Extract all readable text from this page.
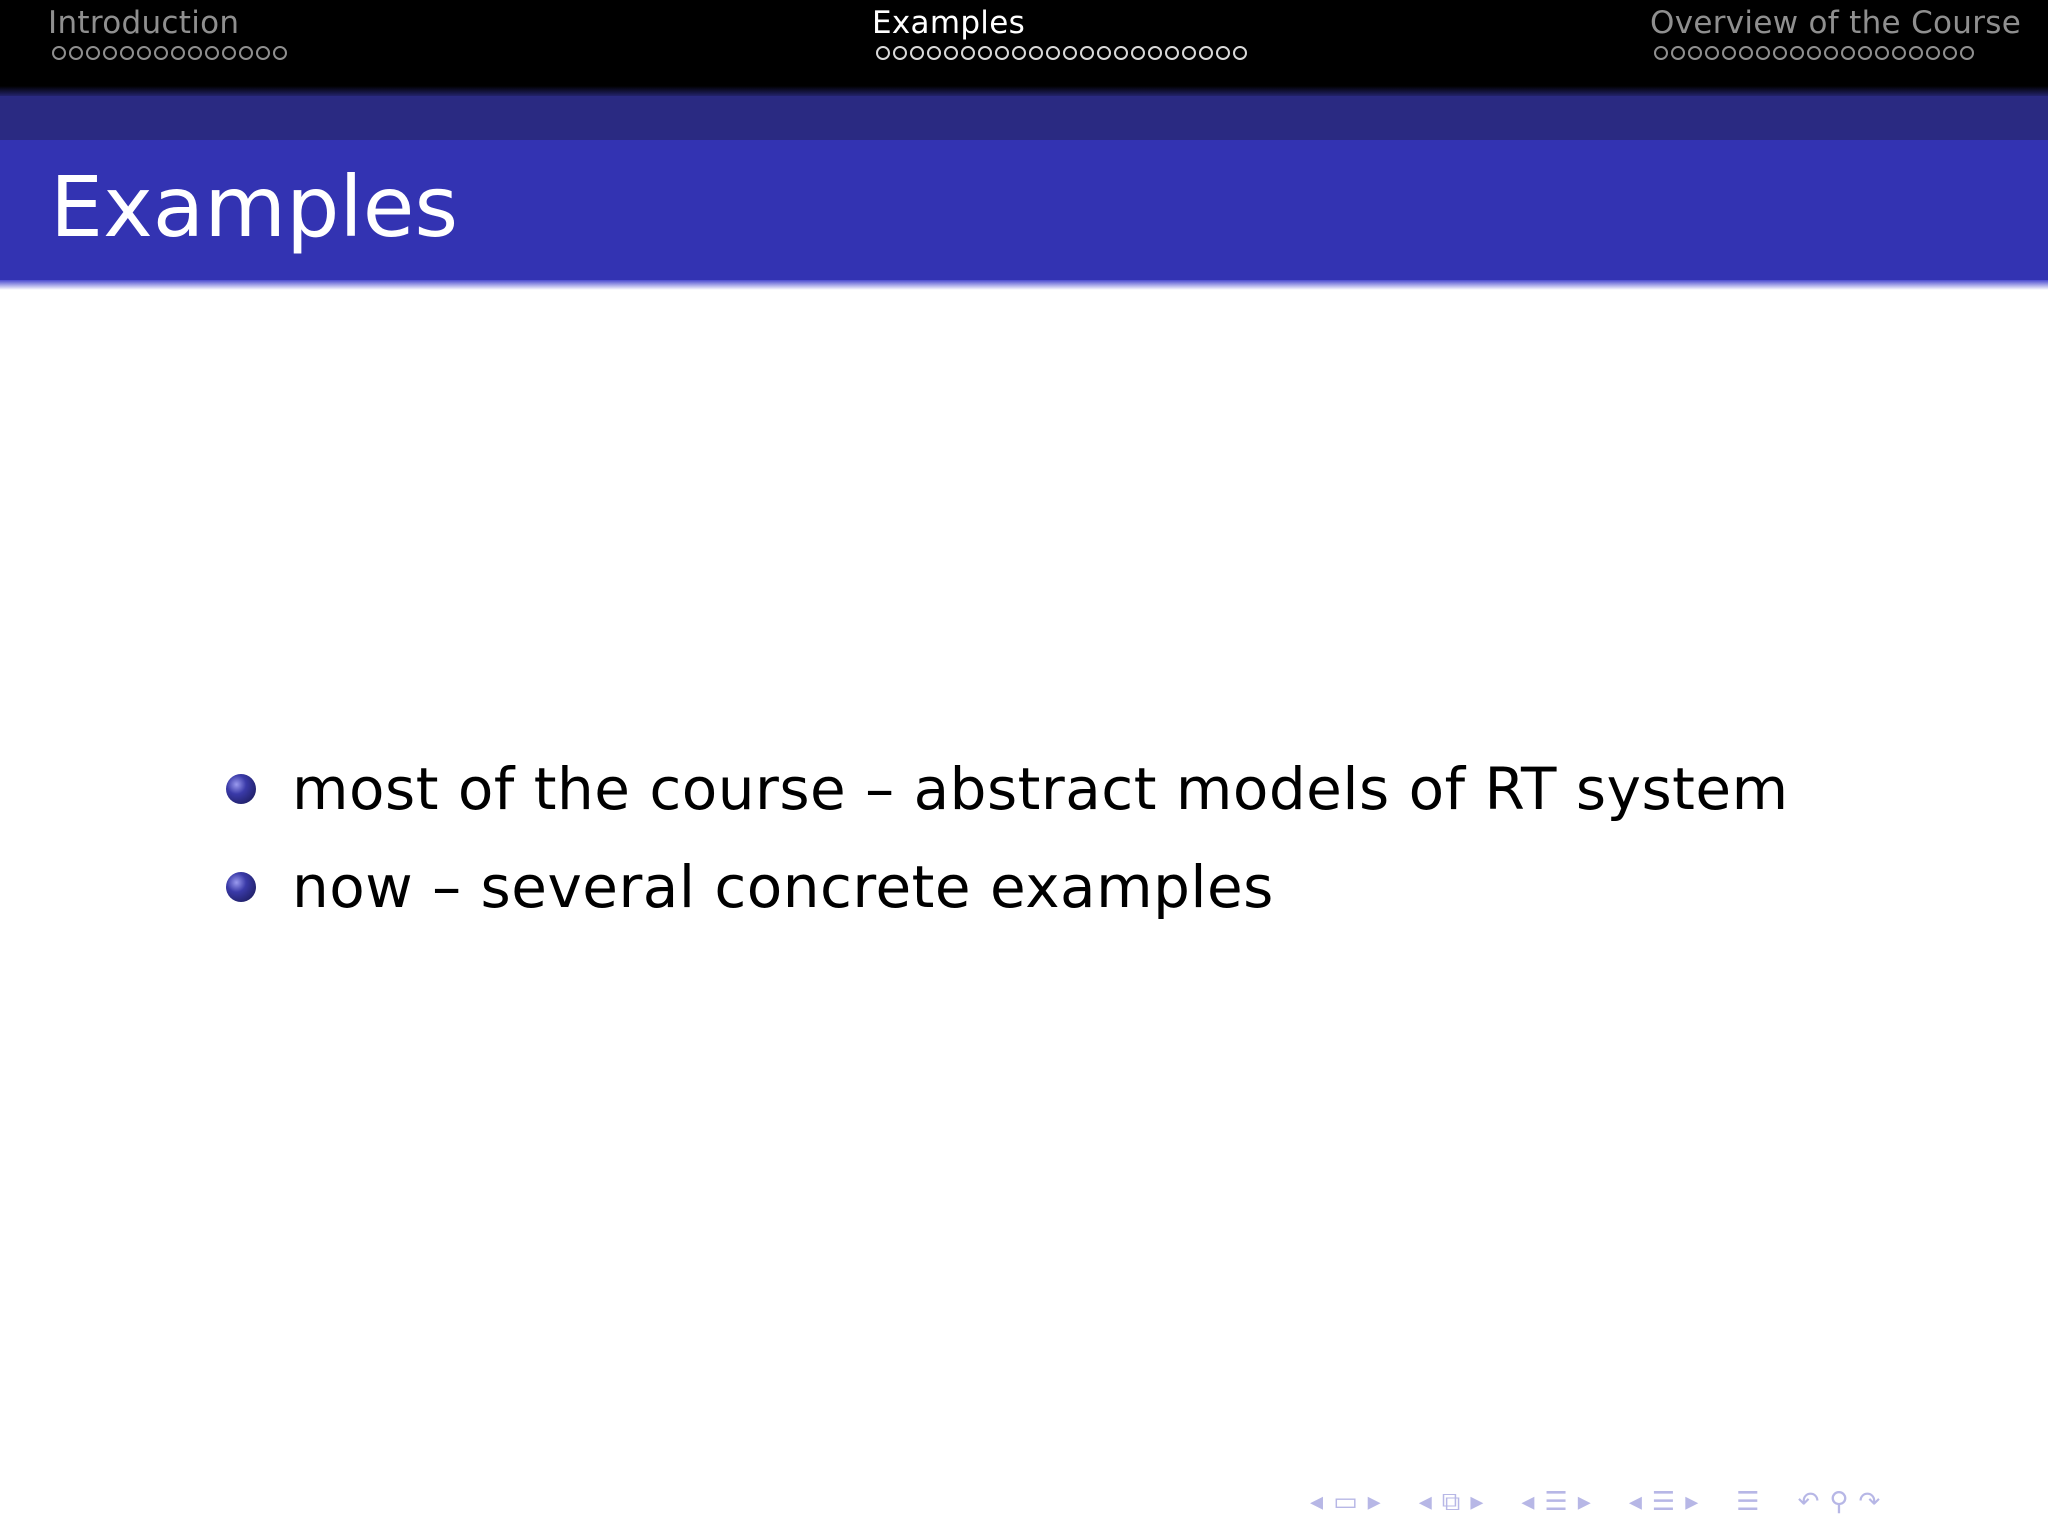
Introduction	Examples	Overview of the Course
Examples
most of the course – abstract models of RT system
now – several concrete examples
◂ ▭ ▸ ◂ ⧉ ▸ ◂ ☰ ▸ ◂ ☰ ▸ ☰ ↶ ⚲ ↷
